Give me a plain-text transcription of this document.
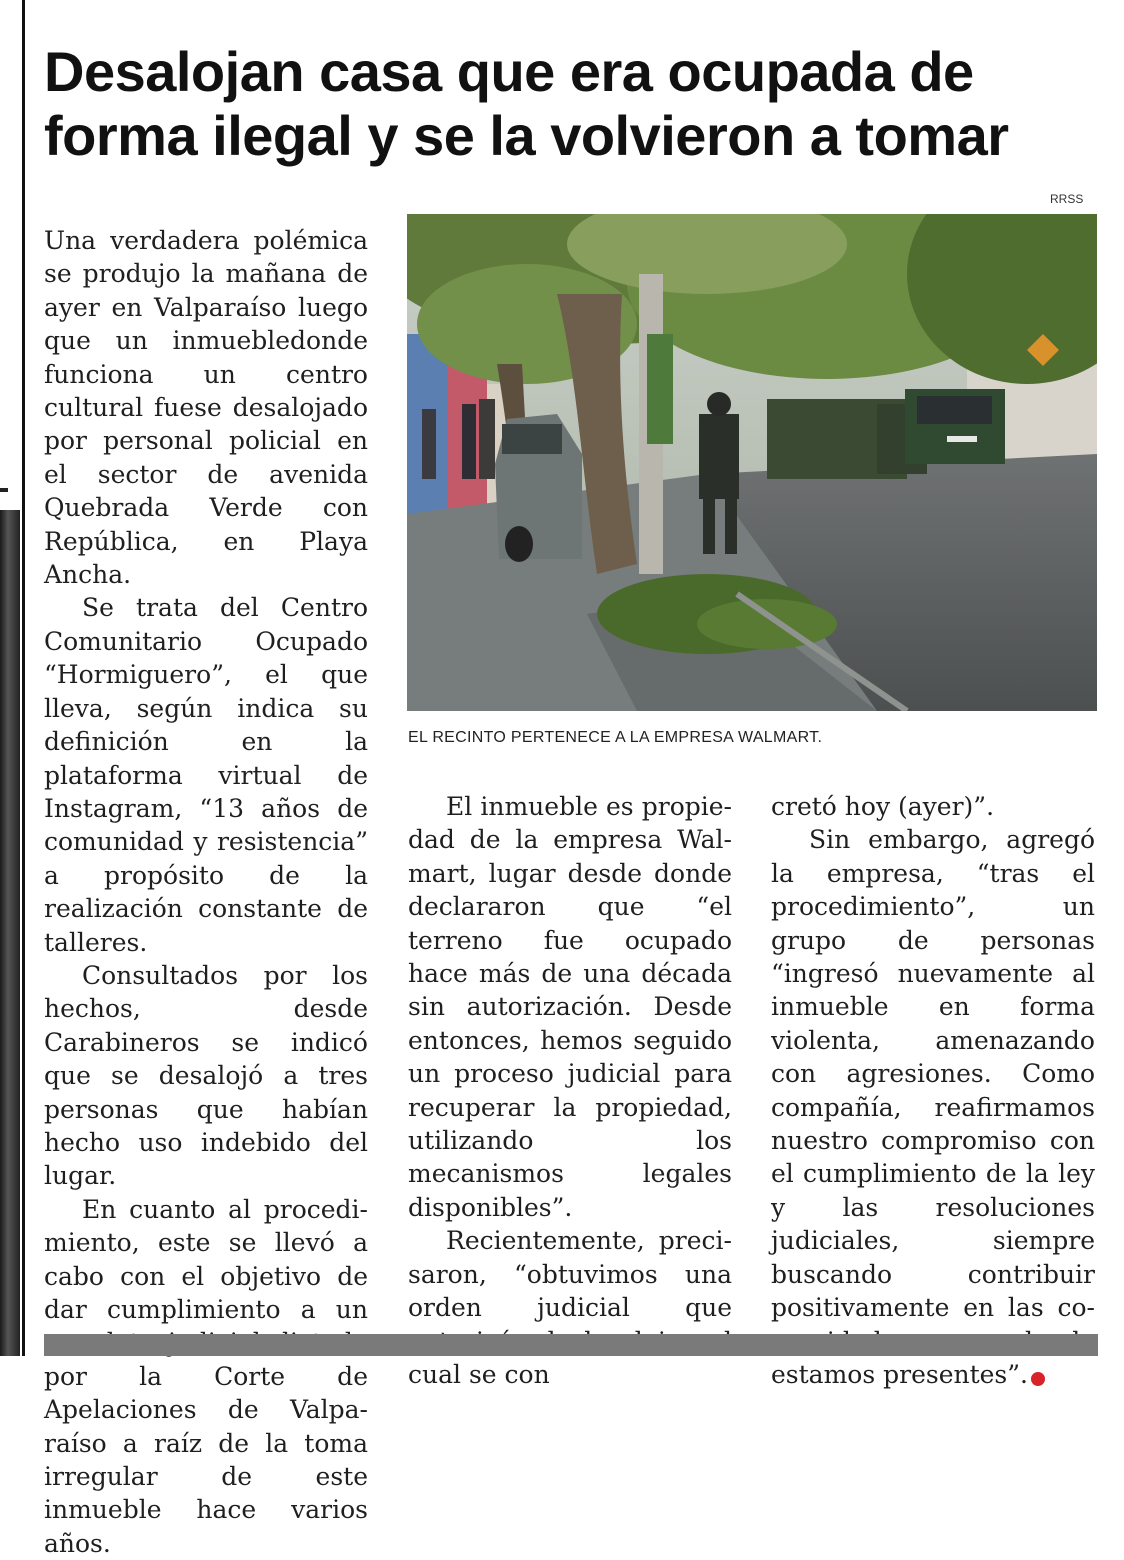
Desalojan casa que era ocupada de forma ilegal y se la volvieron a tomar
RRSS
EL RECINTO PERTENECE A LA EMPRESA WALMART.

Una verdadera polémica se produjo la mañana de ayer en Valparaíso luego que un inmuebledonde funciona un centro cultural fuese desalojado por personal policial en el sector de avenida Quebrada Verde con República, en Playa Ancha.

Se trata del Centro Comunitario Ocupado “Hormiguero”, el que lleva, según indica su definición en la plataforma virtual de Instagram, “13 años de comunidad y resistencia” a propósito de la realización constante de talleres.

Consultados por los hechos, desde Carabineros se indicó que se desalojó a tres personas que habían hecho uso indebido del lugar.

En cuanto al procedimiento, este se llevó a cabo con el objetivo de dar cumplimiento a un por la Corte de Apelaciones de Valparaíso a raíz de la toma irregular de este inmueble hace varios años.

El inmueble es propiedad de la empresa Walmart, lugar desde donde declararon que “el terreno fue ocupado hace más de una década sin autorización. Desde entonces, hemos seguido un proceso judicial para recuperar la propiedad, utilizando los mecanismos legales disponibles”.

Recientemente, precisaron, “obtuvimos una orden judicial que cual se con

cretó hoy (ayer)”.

Sin embargo, agregó la empresa, “tras el procedimiento”, un grupo de personas “ingresó nuevamente al inmueble en forma violenta, amenazando con agresiones. Como compañía, reafirmamos nuestro compromiso con el cumplimiento de la ley y las resoluciones judiciales, siempre buscando contribuir positivamente en las co estamos presentes”.	✪
